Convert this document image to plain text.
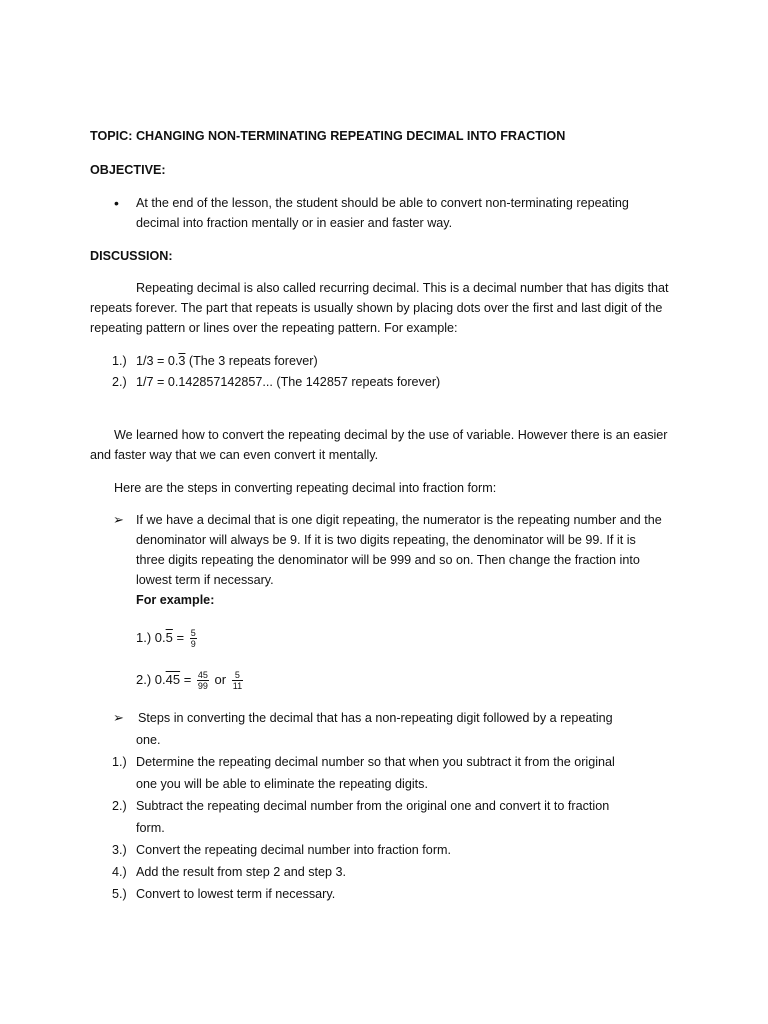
TOPIC: CHANGING NON-TERMINATING REPEATING DECIMAL INTO FRACTION
OBJECTIVE:
• At the end of the lesson, the student should be able to convert non-terminating repeating
decimal into fraction mentally or in easier and faster way.
DISCUSSION:
Repeating decimal is also called recurring decimal. This is a decimal number that has digits that
repeats forever. The part that repeats is usually shown by placing dots over the first and last digit of the
repeating pattern or lines over the repeating pattern. For example:
1.) 1/3 = 0.3 (The 3 repeats forever)
2.) 1/7 = 0.142857142857... (The 142857 repeats forever)
We learned how to convert the repeating decimal by the use of variable. However there is an easier
and faster way that we can even convert it mentally.
Here are the steps in converting repeating decimal into fraction form:
➢ If we have a decimal that is one digit repeating, the numerator is the repeating number and the
denominator will always be 9. If it is two digits repeating, the denominator will be 99. If it is
three digits repeating the denominator will be 999 and so on. Then change the fraction into
lowest term if necessary.
For example:
1.) $0.5 = \frac{5}{9}$
2.) $0.45 = \frac{45}{99}$ or $\frac{5}{11}$
➢ Steps in converting the decimal that has a non-repeating digit followed by a repeating
one.
1.) Determine the repeating decimal number so that when you subtract it from the original
one you will be able to eliminate the repeating digits.
2.) Subtract the repeating decimal number from the original one and convert it to fraction
form.
3.) Convert the repeating decimal number into fraction form.
4.) Add the result from step 2 and step 3.
5.) Convert to lowest term if necessary.
